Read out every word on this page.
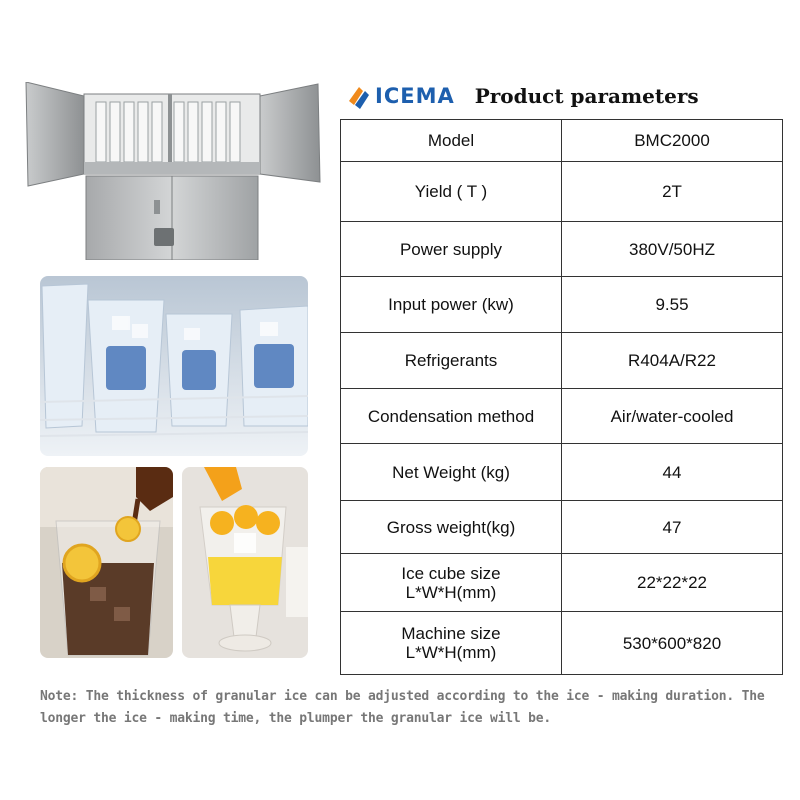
ICEMA Product parameters
Model	BMC2000
Yield ( T )	2T
Power supply	380V/50HZ
Input power (kw)	9.55
Refrigerants	R404A/R22
Condensation method	Air/water-cooled
Net Weight (kg)	44
Gross weight(kg)	47

Ice cube size
L*W*H(mm)	22*22*22

Machine size
L*W*H(mm)	530*600*820
Note: The thickness of granular ice can be adjusted according to the ice - making duration. The longer the ice - making time, the plumper the granular ice will be.
